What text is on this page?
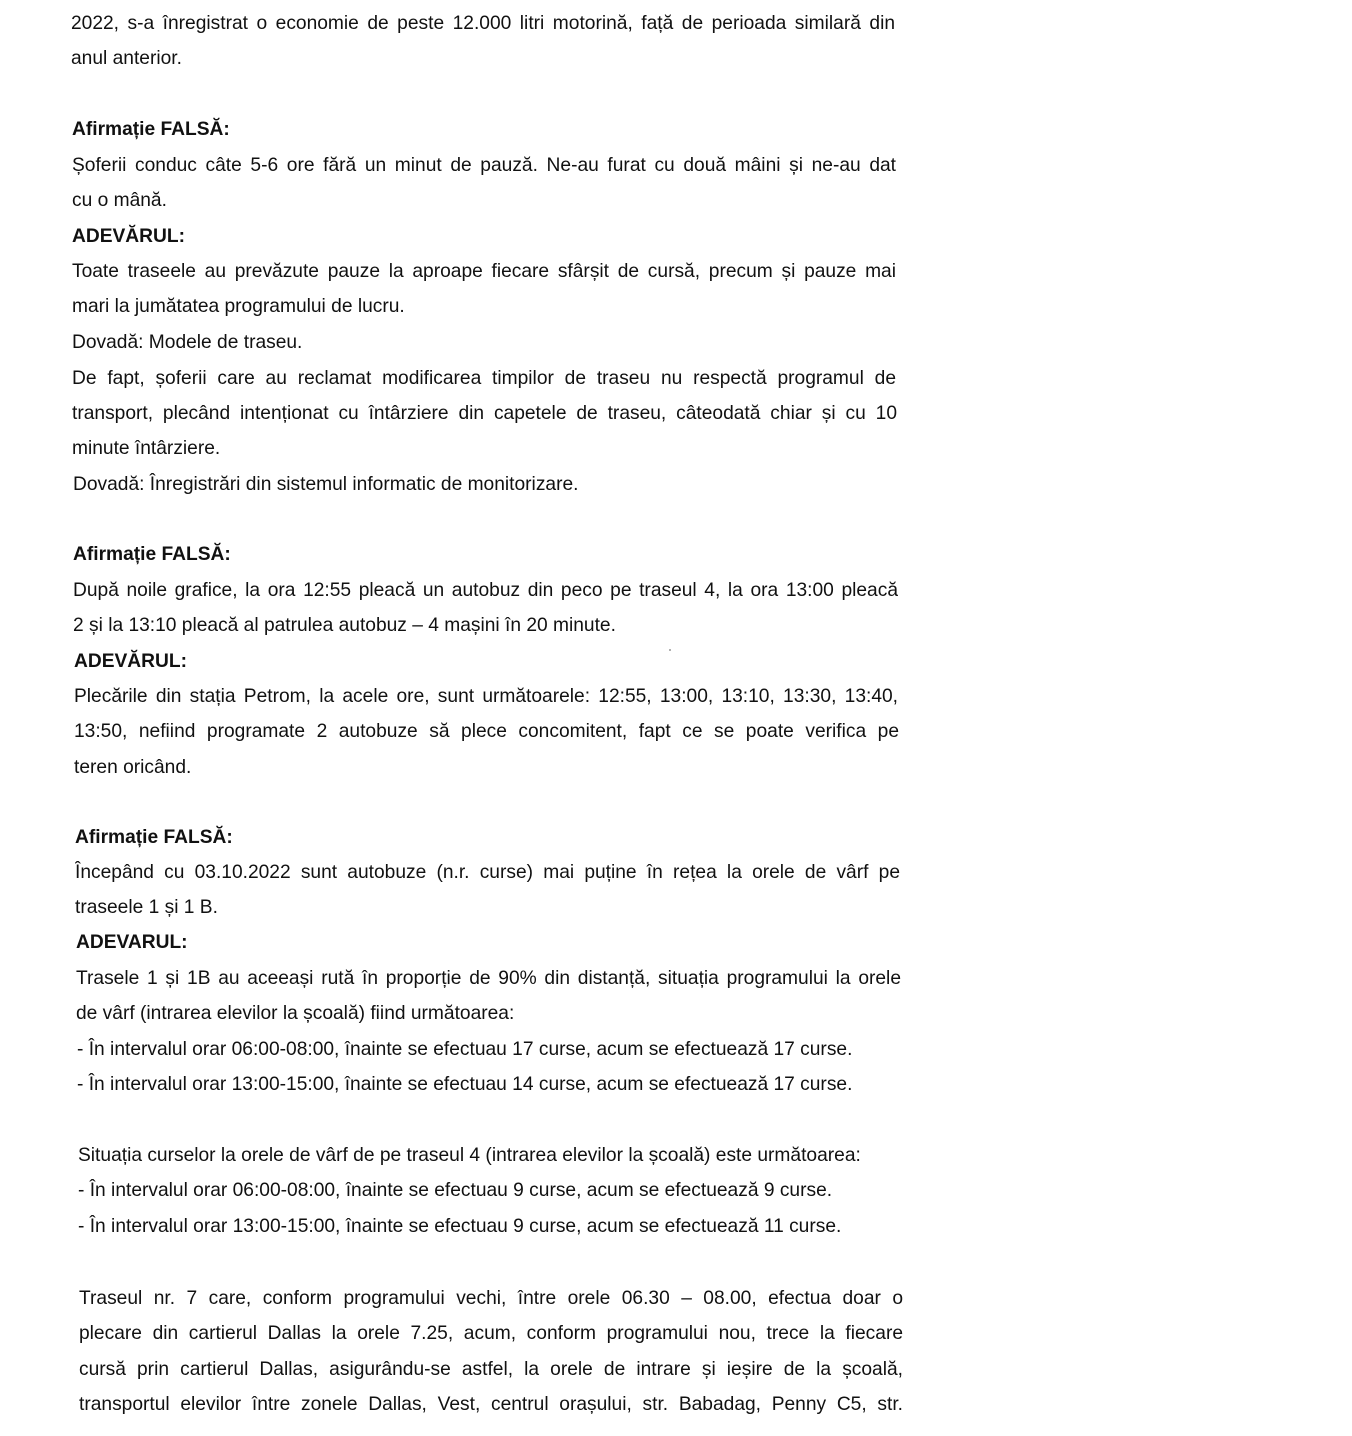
2022, s-a înregistrat o economie de peste 12.000 litri motorină, față de perioada similară din
anul anterior.
Afirmație FALSĂ:
Șoferii conduc câte 5-6 ore fără un minut de pauză. Ne-au furat cu două mâini și ne-au dat
cu o mână.
ADEVĂRUL:
Toate traseele au prevăzute pauze la aproape fiecare sfârșit de cursă, precum și pauze mai
mari la jumătatea programului de lucru.
Dovadă: Modele de traseu.
De fapt, șoferii care au reclamat modificarea timpilor de traseu nu respectă programul de
transport, plecând intenționat cu întârziere din capetele de traseu, câteodată chiar și cu 10
minute întârziere.
Dovadă: Înregistrări din sistemul informatic de monitorizare.
Afirmație FALSĂ:
După noile grafice, la ora 12:55 pleacă un autobuz din peco pe traseul 4, la ora 13:00 pleacă
2 și la 13:10 pleacă al patrulea autobuz – 4 mașini în 20 minute.
ADEVĂRUL:
Plecările din stația Petrom, la acele ore, sunt următoarele: 12:55, 13:00, 13:10, 13:30, 13:40,
13:50, nefiind programate 2 autobuze să plece concomitent, fapt ce se poate verifica pe
teren oricând.
Afirmație FALSĂ:
Începând cu 03.10.2022 sunt autobuze (n.r. curse) mai puține în rețea la orele de vârf pe
traseele 1 și 1 B.
ADEVARUL:
Trasele 1 și 1B au aceeași rută în proporție de 90% din distanță, situația programului la orele
de vârf (intrarea elevilor la școală) fiind următoarea:
- În intervalul orar 06:00-08:00, înainte se efectuau 17 curse, acum se efectuează 17 curse.
- În intervalul orar 13:00-15:00, înainte se efectuau 14 curse, acum se efectuează 17 curse.
Situația curselor la orele de vârf de pe traseul 4 (intrarea elevilor la școală) este următoarea:
- În intervalul orar 06:00-08:00, înainte se efectuau 9 curse, acum se efectuează 9 curse.
- În intervalul orar 13:00-15:00, înainte se efectuau 9 curse, acum se efectuează 11 curse.
Traseul nr. 7 care, conform programului vechi, între orele 06.30 – 08.00, efectua doar o
plecare din cartierul Dallas la orele 7.25, acum, conform programului nou, trece la fiecare
cursă prin cartierul Dallas, asigurându-se astfel, la orele de intrare și ieșire de la școală,
transportul elevilor între zonele Dallas, Vest, centrul orașului, str. Babadag, Penny C5, str.
